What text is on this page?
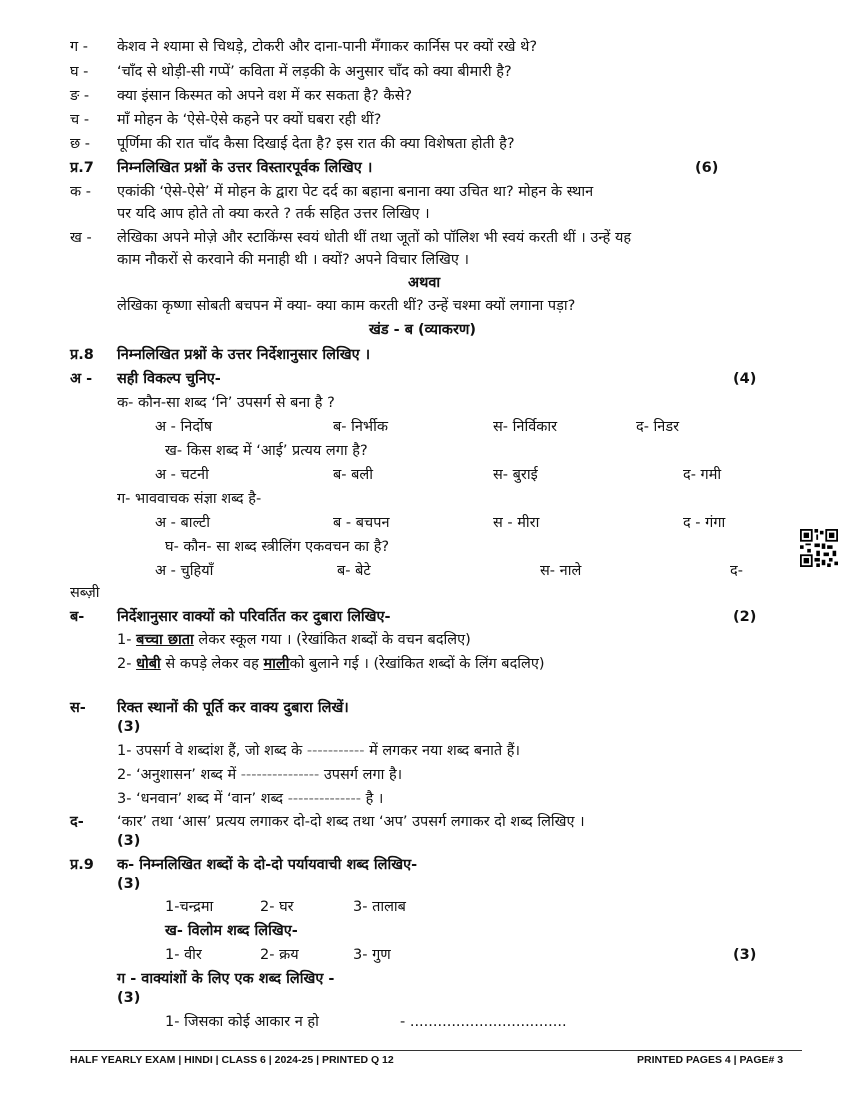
ग - केशव ने श्यामा से चिथड़े, टोकरी और दाना-पानी मँगाकर कार्निस पर क्यों रखे थे?
घ - ‘चाँद से थोड़ी-सी गप्पें’ कविता में लड़की के अनुसार चाँद को क्या बीमारी है?
ङ - क्या इंसान किस्मत को अपने वश में कर सकता है? कैसे?
च - माँ मोहन के ‘ऐसे-ऐसे कहने पर क्यों घबरा रही थीं?
छ - पूर्णिमा की रात चाँद कैसा दिखाई देता है? इस रात की क्या विशेषता होती है?
प्र.7 निम्नलिखित प्रश्नों के उत्तर विस्तारपूर्वक लिखिए ।	(6)
क - एकांकी ‘ऐसे-ऐसे’ में मोहन के द्वारा पेट दर्द का बहाना बनाना क्या उचित था? मोहन के स्थान
पर यदि आप होते तो क्या करते ? तर्क सहित उत्तर लिखिए ।
ख - लेखिका अपने मोज़े और स्टाकिंग्स स्वयं धोती थीं तथा जूतों को पॉलिश भी स्वयं करती थीं । उन्हें यह
काम नौकरों से करवाने की मनाही थी । क्यों? अपने विचार लिखिए ।
अथवा
लेखिका कृष्णा सोबती बचपन में क्या- क्या काम करती थीं? उन्हें चश्मा क्यों लगाना पड़ा?
खंड - ब (व्याकरण)
प्र.8 निम्नलिखित प्रश्नों के उत्तर निर्देशानुसार लिखिए ।
अ - सही विकल्प चुनिए-	(4)
क- कौन-सा शब्द ‘नि’ उपसर्ग से बना है ?
अ - निर्दोष	ब- निर्भीक	स- निर्विकार	द- निडर
ख- किस शब्द में ‘आई’ प्रत्यय लगा है?
अ - चटनी	ब- बली	स- बुराई	द- गमी
ग- भाववाचक संज्ञा शब्द है-
अ - बाल्टी	ब - बचपन	स - मीरा	द - गंगा
घ- कौन- सा शब्द स्त्रीलिंग एकवचन का है?
अ - चुहियाँ	ब- बेटे	स- नाले	द-
सब्ज़ी
ब- निर्देशानुसार वाक्यों को परिवर्तित कर दुबारा लिखिए-	(2)
1- बच्चा छाता लेकर स्कूल गया । (रेखांकित शब्दों के वचन बदलिए)
2- धोबी से कपड़े लेकर वह मालीको बुलाने गई । (रेखांकित शब्दों के लिंग बदलिए)
स- रिक्त स्थानों की पूर्ति कर वाक्य दुबारा लिखें।
(3)
1- उपसर्ग वे शब्दांश हैं, जो शब्द के ----------- में लगकर नया शब्द बनाते हैं।
2- ‘अनुशासन’ शब्द में --------------- उपसर्ग लगा है।
3- ‘धनवान’ शब्द में ‘वान’ शब्द -------------- है ।
द- ‘कार’ तथा ‘आस’ प्रत्यय लगाकर दो-दो शब्द तथा ‘अप’ उपसर्ग लगाकर दो शब्द लिखिए ।
(3)
प्र.9 क- निम्नलिखित शब्दों के दो-दो पर्यायवाची शब्द लिखिए-
(3)
1-चन्द्रमा	2- घर	3- तालाब
ख- विलोम शब्द लिखिए-
1- वीर	2- क्रय	3- गुण	(3)
ग - वाक्यांशों के लिए एक शब्द लिखिए -
(3)
1- जिसका कोई आकार न हो	- ..................................
HALF YEARLY EXAM | HINDI | CLASS 6 | 2024-25 | PRINTED Q 12	PRINTED PAGES 4 | PAGE# 3
